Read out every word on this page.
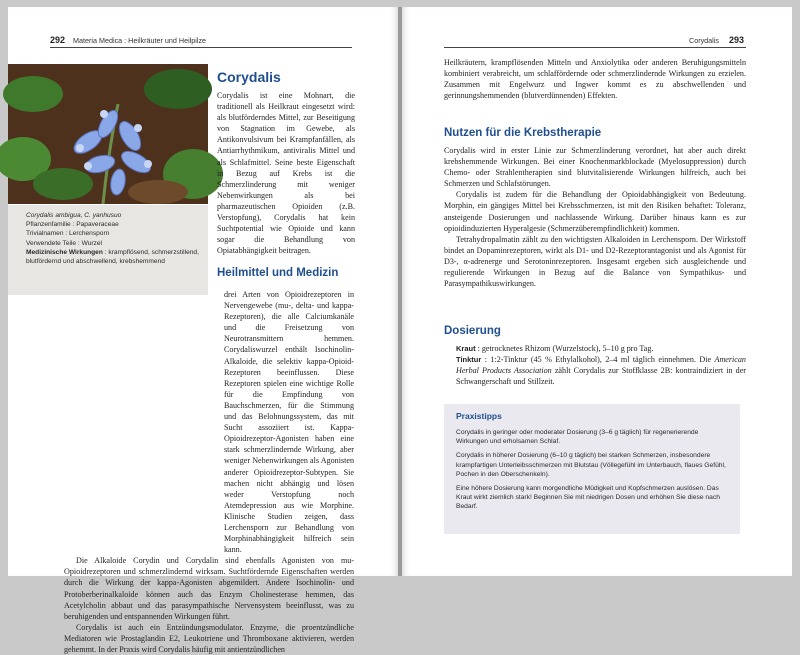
292 Materia Medica : Heilkräuter und Heilpilze
Corydalis ambigua, C. yanhusuo
Pflanzenfamilie : Papaveraceae
Trivialnamen : Lerchensporn
Verwendete Teile : Wurzel
Medizinische Wirkungen : krampflösend, schmerzstillend, blutfördernd und abschwellend, krebshemmend
Corydalis
Corydalis ist eine Mohnart, die traditionell als Heilkraut eingesetzt wird: als blutförderndes Mittel, zur Beseitigung von Stagnation im Gewebe, als Antikonvulsivum bei Krampfanfällen, als Antiarrhythmikum, antiviralis Mittel und als Schlafmittel. Seine beste Eigenschaft in Bezug auf Krebs ist die Schmerzlinderung mit weniger Nebenwirkungen als bei pharmazeutischen Opioiden (z.B. Verstopfung), Corydalis hat kein Suchtpotential wie Opioide und kann sogar die Behandlung von Opiatabhängigkeit beitragen.
Heilmittel und Medizin

drei Arten von Opioidrezeptoren in Nervengewebe (mu-, delta- und kappa-Rezeptoren), die alle Calciumkanäle und die Freisetzung von Neurotransmittern hemmen. Corydaliswurzel enthält Isochinolin-Alkaloide, die selektiv kappa-Opioid-Rezeptoren beeinflussen. Diese Rezeptoren spielen eine wichtige Rolle für die Empfindung von Bauchschmerzen, für die Stimmung und das Belohnungssystem, das mit Sucht assoziiert ist. Kappa-Opioidrezeptor-Agonisten haben eine stark schmerzlindernde Wirkung, aber weniger Nebenwirkungen als Agonisten anderer Opioidrezeptor-Subtypen. Sie machen nicht abhängig und lösen weder Verstopfung noch Atemdepression aus wie Morphine. Klinische Studien zeigen, dass Lerchensporn zur Behandlung von Morphinabhängigkeit hilfreich sein kann.

Die Alkaloide Corydin und Corydalin sind ebenfalls Agonisten von mu-Opioidrezeptoren und schmerzlindernd wirksam. Suchtfördernde Eigenschaften werden durch die Wirkung der kappa-Agonisten abgemildert. Andere Isochinolin- und Protoberberinalkaloide können auch das Enzym Cholinesterase hemmen, das Acetylcholin abbaut und das parasympathische Nervensystem beeinflusst, was zu beruhigenden und entspannenden Wirkungen führt.

Corydalis ist auch ein Entzündungsmodulator. Enzyme, die proentzündliche Mediatoren wie Prostaglandin E2, Leukotriene und Thromboxane aktivieren, werden gehemmt. In der Praxis wird Corydalis häufig mit antientzündlichen

Corydalis 293

Heilkräutern, krampflösenden Mitteln und Anxiolytika oder anderen Beruhigungsmitteln kombiniert verabreicht, um schlaffördernde oder schmerzlindernde Wirkungen zu erzielen. Zusammen mit Engelwurz und Ingwer kommt es zu abschwellenden und gerinnungshemmenden (blutverdünnenden) Effekten.

Nutzen für die Krebstherapie

Corydalis wird in erster Linie zur Schmerzlinderung verordnet, hat aber auch direkt krebshemmende Wirkungen. Bei einer Knochenmarkblockade (Myelosuppression) durch Chemo- oder Strahlentherapien sind blutvitalisierende Wirkungen hilfreich, auch bei Schmerzen und Schlafstörungen.

Corydalis ist zudem für die Behandlung der Opioidabhängigkeit von Bedeutung. Morphin, ein gängiges Mittel bei Krebsschmerzen, ist mit den Risiken behaftet: Toleranz, ansteigende Dosierungen und nachlassende Wirkung. Darüber hinaus kann es zur opioidinduzierten Hyperalgesie (Schmerzüberempfindlichkeit) kommen.

Tetrahydropalmatin zählt zu den wichtigsten Alkaloiden in Lerchensporn. Der Wirkstoff bindet an Dopaminrezeptoren, wirkt als D1- und D2-Rezeptorantagonist und als Agonist für D3-, α-adrenerge und Serotoninrezeptoren. Insgesamt ergeben sich ausgleichende und regulierende Wirkungen in Bezug auf die Balance von Sympathikus- und Parasympathikuswirkungen.

Dosierung

Kraut : getrocknetes Rhizom (Wurzelstock), 5–10 g pro Tag.

Tinktur : 1:2-Tinktur (45 % Ethylalkohol), 2–4 ml täglich einnehmen. Die American Herbal Products Association zählt Corydalis zur Stoffklasse 2B: kontraindiziert in der Schwangerschaft und Stillzeit.

Praxistipps

Corydalis in geringer oder moderater Dosierung (3–6 g täglich) für regenerierende Wirkungen und erholsamen Schlaf.

Corydalis in höherer Dosierung (6–10 g täglich) bei starken Schmerzen, insbesondere krampfartigen Unterleibsschmerzen mit Blutstau (Völlegefühl im Unterbauch, flaues Gefühl, Pochen in den Oberschenkeln).

Eine höhere Dosierung kann morgendliche Müdigkeit und Kopfschmerzen auslösen. Das Kraut wirkt ziemlich stark! Beginnen Sie mit niedrigen Dosen und erhöhen Sie diese nach Bedarf.
